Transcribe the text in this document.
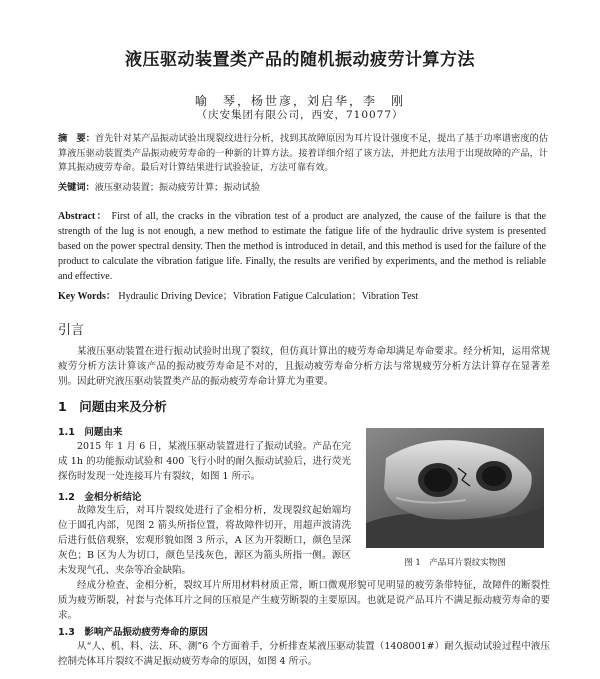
液压驱动装置类产品的随机振动疲劳计算方法
喻　琴，杨世彦，刘启华，李　刚
（庆安集团有限公司，西安，710077）
摘　要：首先针对某产品振动试验出现裂纹进行分析，找到其故障原因为耳片设计强度不足，提出了基于功率谱密度的估算液压驱动装置类产品振动疲劳寿命的一种新的计算方法。接着详细介绍了该方法，并把此方法用于出现故障的产品，计算其振动疲劳寿命。最后对计算结果进行试验验证，方法可靠有效。
关键词：液压驱动装置；振动疲劳计算；振动试验
Abstract： First of all, the cracks in the vibration test of a product are analyzed, the cause of the failure is that the strength of the lug is not enough, a new method to estimate the fatigue life of the hydraulic drive system is presented based on the power spectral density. Then the method is introduced in detail, and this method is used for the failure of the product to calculate the vibration fatigue life. Finally, the results are verified by experiments, and the method is reliable and effective.
Key Words： Hydraulic Driving Device；Vibration Fatigue Calculation；Vibration Test
引言
某液压驱动装置在进行振动试验时出现了裂纹，但仿真计算出的疲劳寿命却满足寿命要求。经分析知，运用常规疲劳分析方法计算该产品的振动疲劳寿命是不对的，且振动疲劳寿命分析方法与常规疲劳分析方法计算存在显著差别。因此研究液压驱动装置类产品的振动疲劳寿命计算尤为重要。
1　问题由来及分析
1.1　问题由来
2015 年 1 月 6 日，某液压驱动装置进行了振动试验。产品在完成 1h 的功能振动试验和 400 飞行小时的耐久振动试验后，进行荧光探伤时发现一处连接耳片有裂纹，如图 1 所示。
1.2　金相分析结论
故障发生后，对耳片裂纹处进行了金相分析，发现裂纹起始端均位于圆孔内部，见图 2 箭头所指位置，将故障件切开，用超声波清洗后进行低倍观察，宏观形貌如图 3 所示，A 区为开裂断口，颜色呈深灰色；B 区为人为切口，颜色呈浅灰色，源区为箭头所指一侧。源区未发现气孔、夹杂等冶金缺陷。
图 1　产品耳片裂纹实物图
经成分检查、金相分析，裂纹耳片所用材料材质正常，断口微观形貌可见明显的疲劳条带特征，故障件的断裂性质为疲劳断裂，衬套与壳体耳片之间的压痕是产生疲劳断裂的主要原因。也就是说产品耳片不满足振动疲劳寿命的要求。
1.3　影响产品振动疲劳寿命的原因
从“人、机、料、法、环、测”6 个方面着手，分析排查某液压驱动装置（1408001#）耐久振动试验过程中液压控制壳体耳片裂纹不满足振动疲劳寿命的原因，如图 4 所示。
